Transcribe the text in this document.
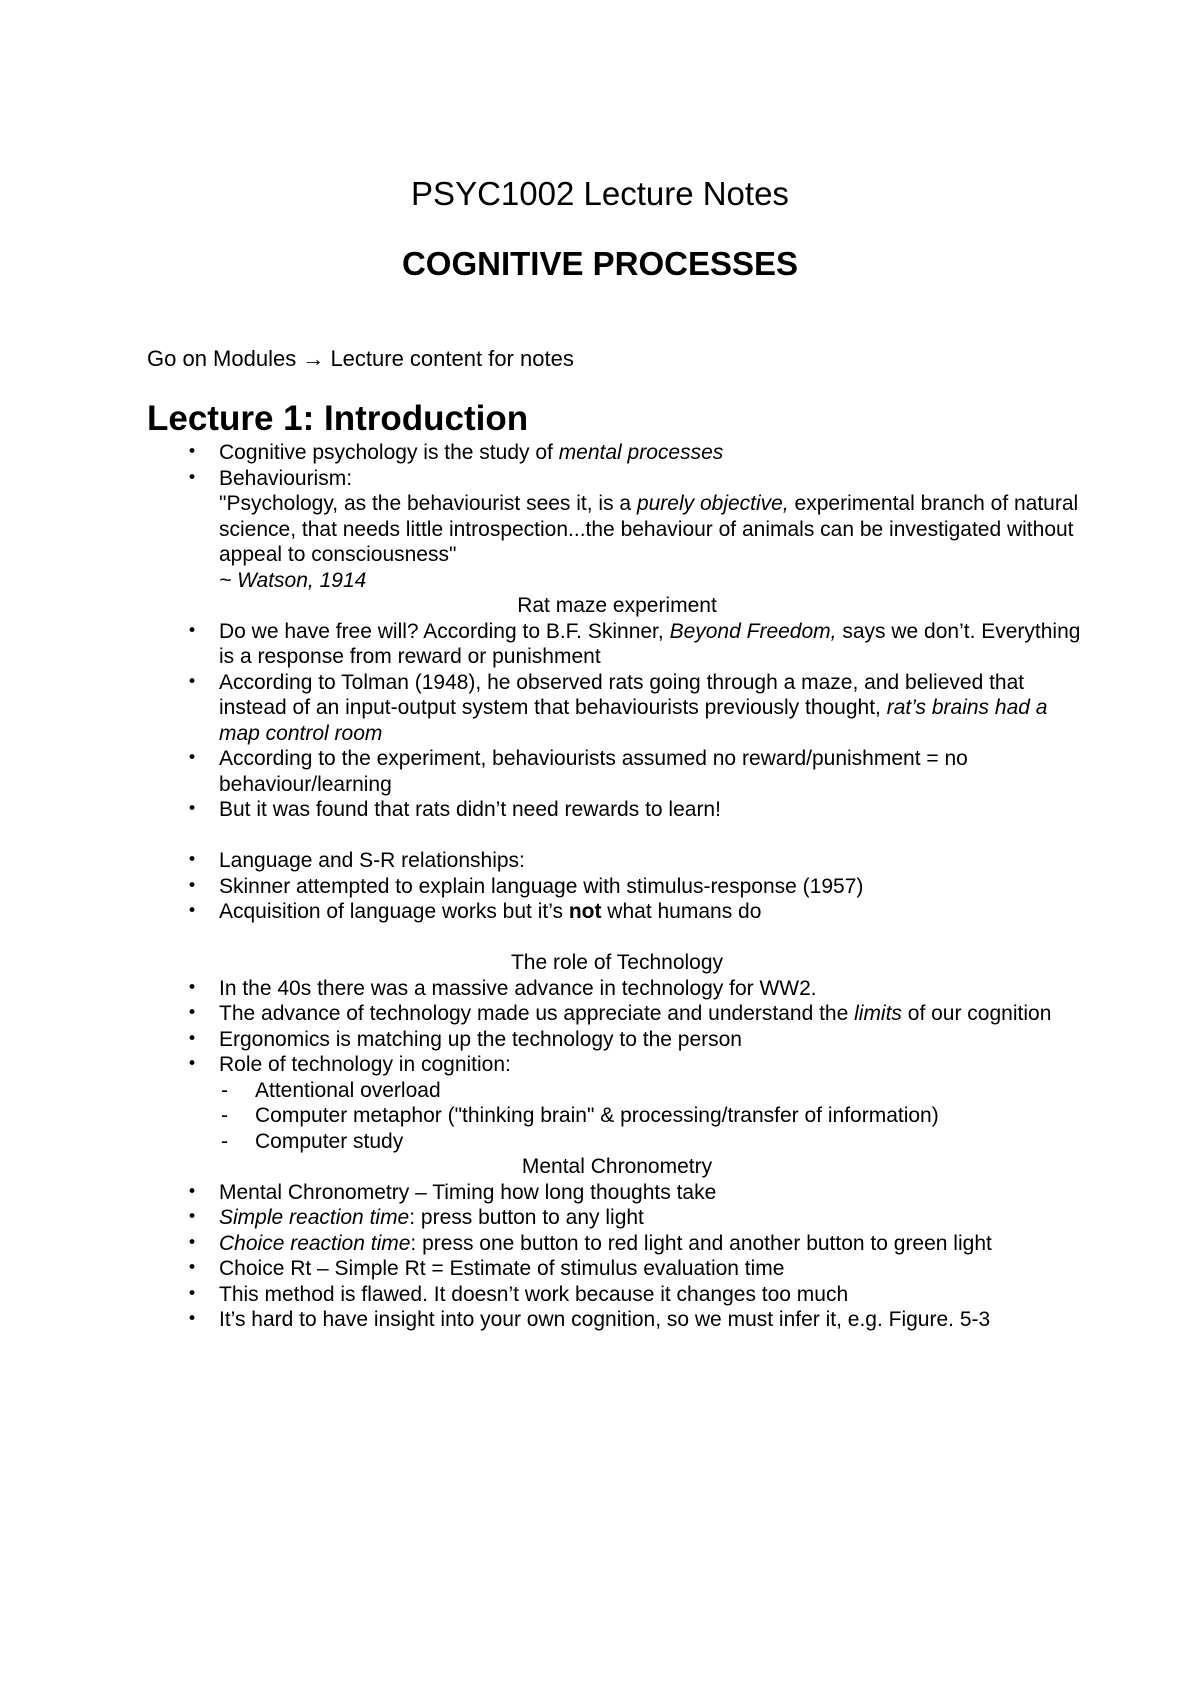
PSYC1002 Lecture Notes
COGNITIVE PROCESSES
Go on Modules → Lecture content for notes
Lecture 1: Introduction
• Cognitive psychology is the study of mental processes
• Behaviourism:
"Psychology, as the behaviourist sees it, is a purely objective, experimental branch of natural science, that needs little introspection...the behaviour of animals can be investigated without appeal to consciousness"
~ Watson, 1914
Rat maze experiment
• Do we have free will? According to B.F. Skinner, Beyond Freedom, says we don’t. Everything is a response from reward or punishment
• According to Tolman (1948), he observed rats going through a maze, and believed that instead of an input-output system that behaviourists previously thought, rat’s brains had a map control room
• According to the experiment, behaviourists assumed no reward/punishment = no behaviour/learning
• But it was found that rats didn’t need rewards to learn!
• Language and S-R relationships:
• Skinner attempted to explain language with stimulus-response (1957)
• Acquisition of language works but it’s not what humans do
The role of Technology
• In the 40s there was a massive advance in technology for WW2.
• The advance of technology made us appreciate and understand the limits of our cognition
• Ergonomics is matching up the technology to the person
• Role of technology in cognition:
- Attentional overload
- Computer metaphor ("thinking brain" & processing/transfer of information)
- Computer study
Mental Chronometry
• Mental Chronometry – Timing how long thoughts take
• Simple reaction time: press button to any light
• Choice reaction time: press one button to red light and another button to green light
• Choice Rt – Simple Rt = Estimate of stimulus evaluation time
• This method is flawed. It doesn’t work because it changes too much
• It’s hard to have insight into your own cognition, so we must infer it, e.g. Figure. 5-3
